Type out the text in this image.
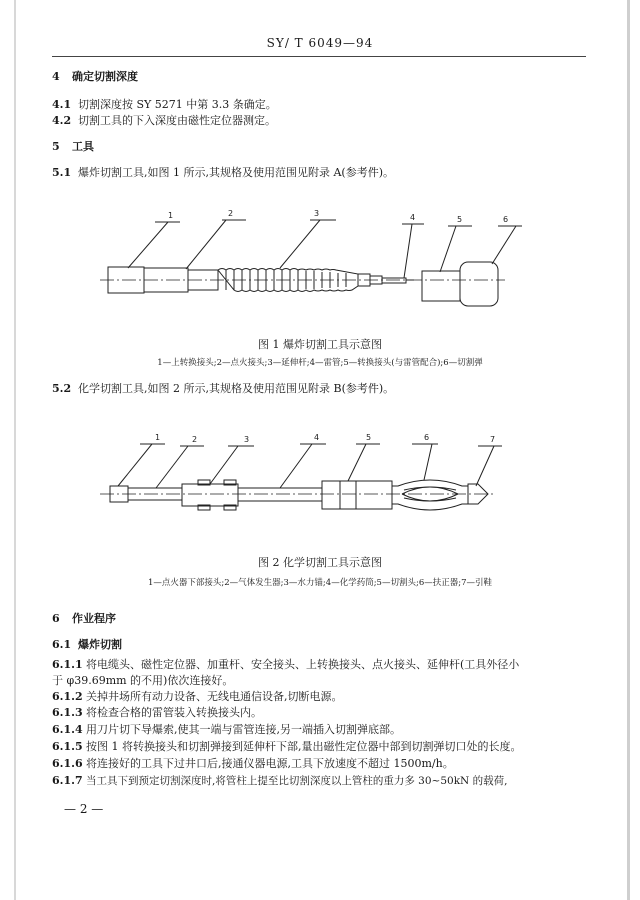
SY/ T 6049—94
4 确定切割深度
4.1 切割深度按 SY 5271 中第 3.3 条确定。
4.2 切割工具的下入深度由磁性定位器测定。
5 工具
5.1 爆炸切割工具,如图 1 所示,其规格及使用范围见附录 A(参考件)。
1	2	3	4	5	6
图 1 爆炸切割工具示意图
1—上转换接头;2—点火接头;3—延伸杆;4—雷管;5—转换接头(与雷管配合);6—切割弹
5.2 化学切割工具,如图 2 所示,其规格及使用范围见附录 B(参考件)。
1	2	3	4	5	6	7
图 2 化学切割工具示意图
1—点火器下部接头;2—气体发生器;3—水力锚;4—化学药筒;5—切割头;6—扶正器;7—引鞋
6 作业程序
6.1 爆炸切割
6.1.1 将电缆头、磁性定位器、加重杆、安全接头、上转换接头、点火接头、延伸杆(工具外径小
于 φ39.69mm 的不用)依次连接好。
6.1.2 关掉井场所有动力设备、无线电通信设备,切断电源。
6.1.3 将检查合格的雷管装入转换接头内。
6.1.4 用刀片切下导爆索,使其一端与雷管连接,另一端插入切割弹底部。
6.1.5 按图 1 将转换接头和切割弹接到延伸杆下部,量出磁性定位器中部到切割弹切口处的长度。
6.1.6 将连接好的工具下过井口后,接通仪器电源,工具下放速度不超过 1500m/h。
6.1.7 当工具下到预定切割深度时,将管柱上提至比切割深度以上管柱的重力多 30~50kN 的载荷,
— 2 —
